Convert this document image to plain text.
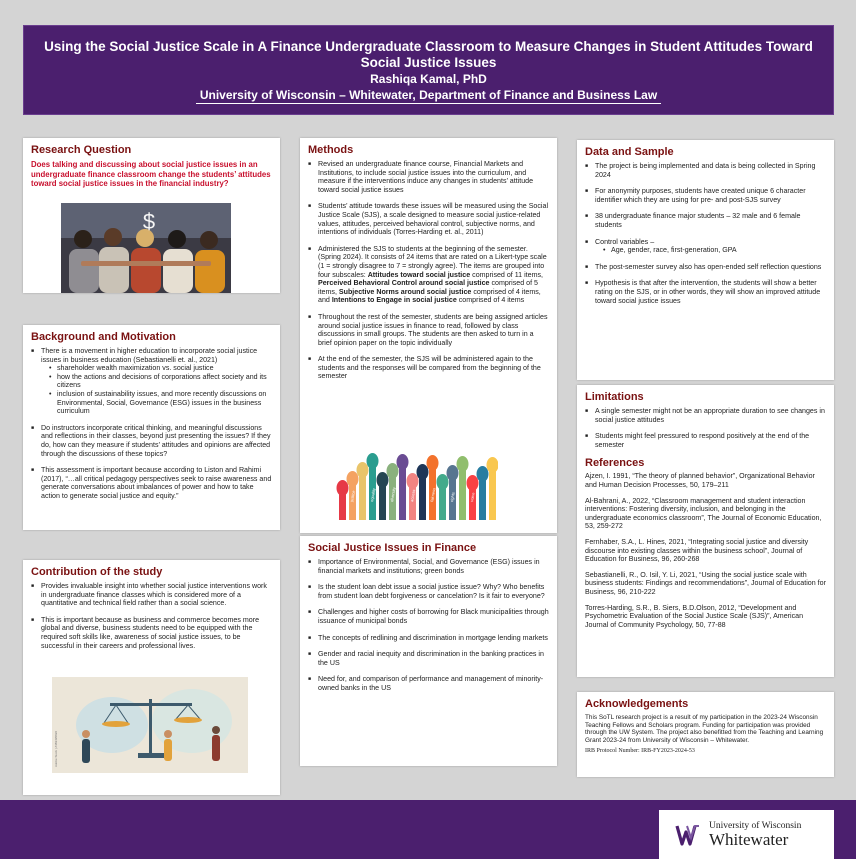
Using the Social Justice Scale in A Finance Undergraduate Classroom to Measure Changes in Student Attitudes Toward Social Justice Issues
Rashiqa Kamal, PhD
University of Wisconsin – Whitewater, Department of Finance and Business Law
Research Question
Does talking and discussing about social justice issues in an undergraduate finance classroom change the students’ attitudes toward social justice issues in the financial industry?
$
Background and Motivation
■ There is a movement in higher education to incorporate social justice issues in business education (Sebastianelli et. al., 2021)
• shareholder wealth maximization vs. social justice
• how the actions and decisions of corporations affect society and its citizens
• inclusion of sustainability issues, and more recently discussions on Environmental, Social, Governance (ESG) issues in the business curriculum
■ Do instructors incorporate critical thinking, and meaningful discussions and reflections in their classes, beyond just presenting the issues? If they do, how can they measure if students’ attitudes and opinions are affected through the discussions of these topics?
■ This assessment is important because according to Liston and Rahimi (2017), “…all critical pedagogy perspectives seek to raise awareness and generate conversations about imbalances of power and how to take action to generate social justice and equity.”
Contribution of the study
■ Provides invaluable insight into whether social justice interventions work in undergraduate finance classes which is considered more of a quantitative and technical field rather than a social science.
■ This is important because as business and commerce becomes more global and diverse, business students need to be equipped with the required soft skills like, awareness of social justice issues, to be successful in their careers and professional lives.
Adobe Stock | #489495820
Methods
■ Revised an undergraduate finance course, Financial Markets and Institutions, to include social justice issues into the curriculum, and measure if the interventions induce any changes in students’ attitude toward social justice issues
■ Students’ attitude towards these issues will be measured using the Social Justice Scale (SJS), a scale designed to measure social justice-related values, attitudes, perceived behavioral control, subjective norms, and intentions of individuals (Torres-Harding et. al., 2011)
■ Administered the SJS to students at the beginning of the semester. (Spring 2024). It consists of 24 items that are rated on a Likert-type scale (1 = strongly disagree to 7 = strongly agree). The items are grouped into four subscales: Attitudes toward social justice comprised of 11 items, Perceived Behavioral Control around social justice comprised of 5 items, Subjective Norms around social justice comprised of 4 items, and Intentions to Engage in social justice comprised of 4 items
■ Throughout the rest of the semester, students are being assigned articles around social justice issues in finance to read, followed by class discussions in small groups. The students are then asked to turn in a brief opinion paper on the topic individually
■ At the end of the semester, the SJS will be administered again to the students and the responses will be compared from the beginning of the semester
justice	equality	diversity	access	fairness	rights	voice
Social Justice Issues in Finance
■ Importance of Environmental, Social, and Governance (ESG) issues in financial markets and institutions; green bonds
■ Is the student loan debt issue a social justice issue? Why? Who benefits from student loan debt forgiveness or cancelation? Is it fair to everyone?
■ Challenges and higher costs of borrowing for Black municipalities through issuance of municipal bonds
■ The concepts of redlining and discrimination in mortgage lending markets
■ Gender and racial inequity and discrimination in the banking practices in the US
■ Need for, and comparison of performance and management of minority-owned banks in the US
Data and Sample
■ The project is being implemented and data is being collected in Spring 2024
■ For anonymity purposes, students have created unique 6 character identifier which they are using for pre- and post-SJS survey
■ 38 undergraduate finance major students – 32 male and 6 female students
■ Control variables –
• Age, gender, race, first-generation, GPA
■ The post-semester survey also has open-ended self reflection questions
■ Hypothesis is that after the intervention, the students will show a better rating on the SJS, or in other words, they will show an improved attitude toward social justice issues
Limitations
■ A single semester might not be an appropriate duration to see changes in social justice attitudes
■ Students might feel pressured to respond positively at the end of the semester
References
Ajzen, I. 1991, “The theory of planned behavior”, Organizational Behavior and Human Decision Processes, 50, 179–211
Al-Bahrani, A., 2022, “Classroom management and student interaction interventions: Fostering diversity, inclusion, and belonging in the undergraduate economics classroom”, The Journal of Economic Education, 53, 259-272
Fernhaber, S.A., L. Hines, 2021, “Integrating social justice and diversity discourse into existing classes within the business school”, Journal of Education for Business, 96, 260-268
Sebastianelli, R., O. Isil, Y. Li, 2021, “Using the social justice scale with business students: Findings and recommendations”, Journal of Education for Business, 96, 210-222
Torres-Harding, S.R., B. Siers, B.D.Olson, 2012, “Development and Psychometric Evaluation of the Social Justice Scale (SJS)”, American Journal of Community Psychology, 50, 77-88
Acknowledgements
This SoTL research project is a result of my participation in the 2023-24 Wisconsin Teaching Fellows and Scholars program. Funding for participation was provided through the UW System. The project also benefitted from the Teaching and Learning Grant 2023-24 from University of Wisconsin – Whitewater.
IRB Protocol Number: IRB-FY2023-2024-53
University of Wisconsin
Whitewater
